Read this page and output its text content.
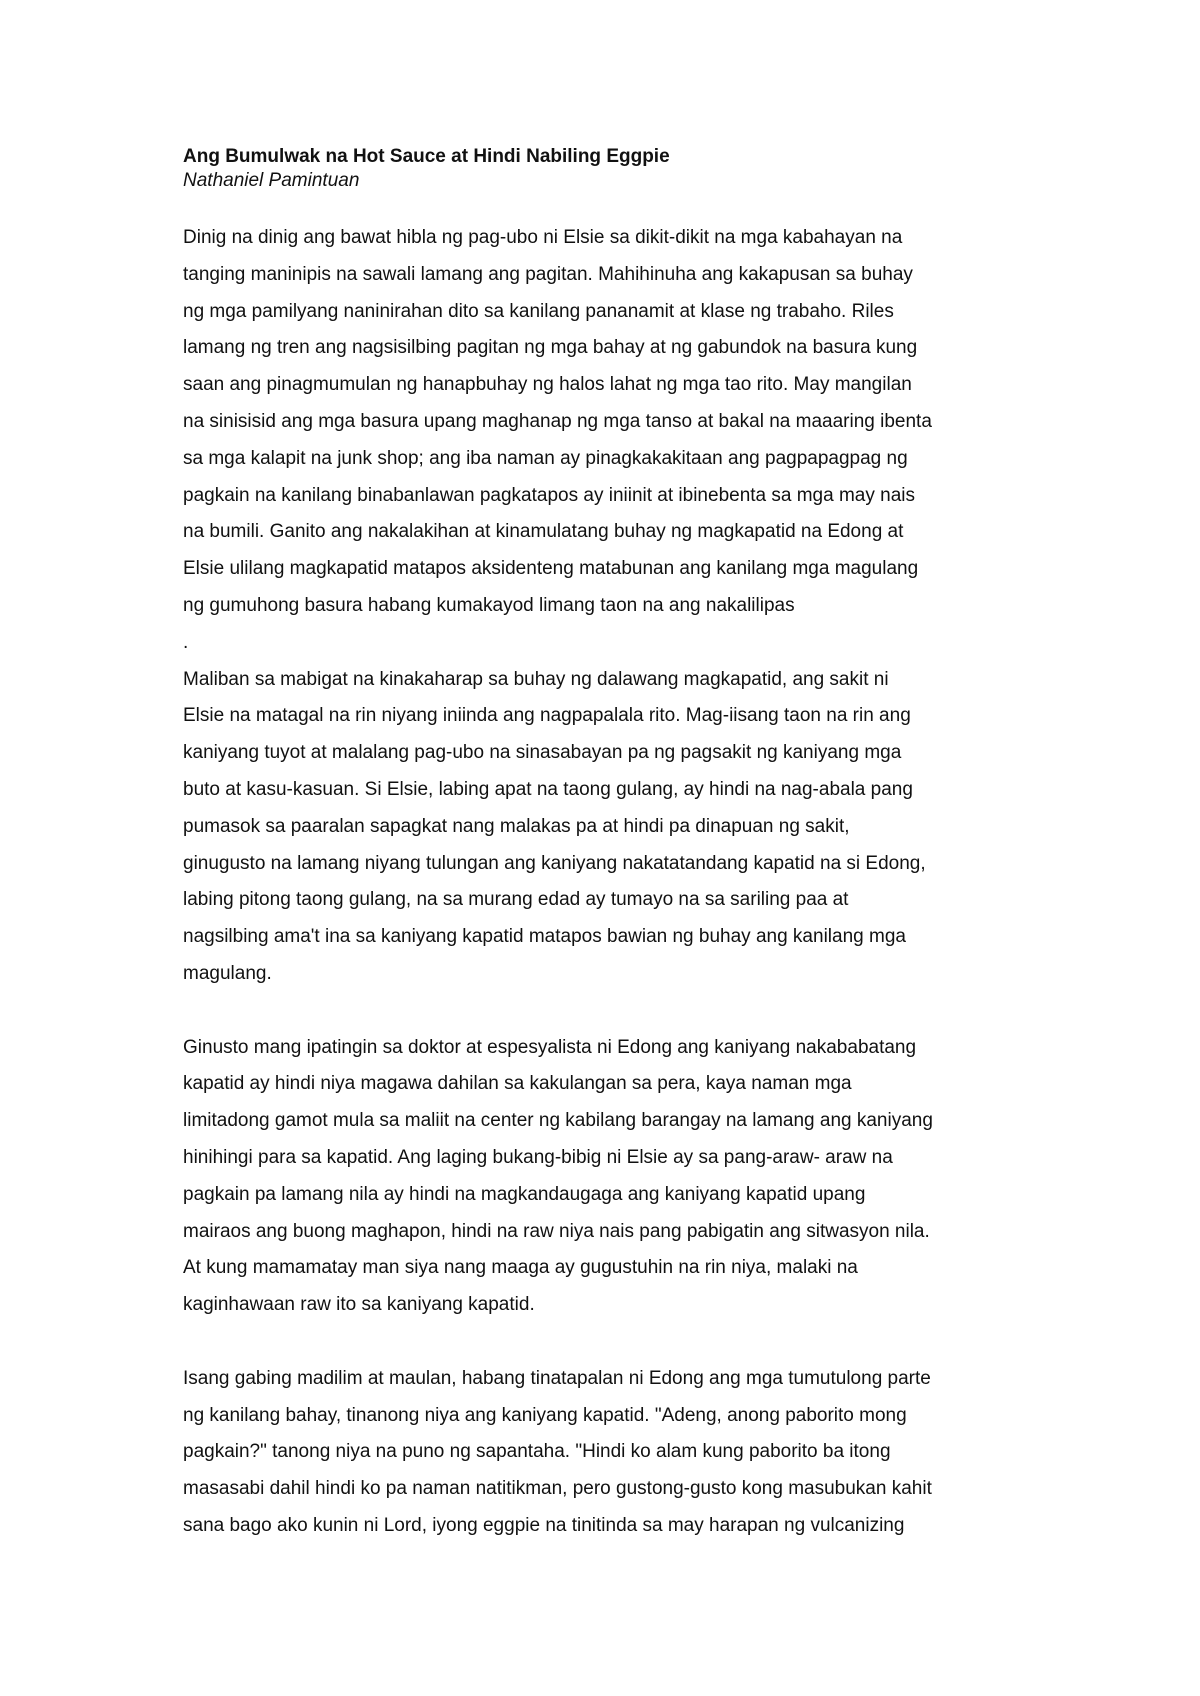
Ang Bumulwak na Hot Sauce at Hindi Nabiling Eggpie
Nathaniel Pamintuan
Dinig na dinig ang bawat hibla ng pag-ubo ni Elsie sa dikit-dikit na mga kabahayan na
tanging maninipis na sawali lamang ang pagitan. Mahihinuha ang kakapusan sa buhay
ng mga pamilyang naninirahan dito sa kanilang pananamit at klase ng trabaho. Riles
lamang ng tren ang nagsisilbing pagitan ng mga bahay at ng gabundok na basura kung
saan ang pinagmumulan ng hanapbuhay ng halos lahat ng mga tao rito. May mangilan
na sinisisid ang mga basura upang maghanap ng mga tanso at bakal na maaaring ibenta
sa mga kalapit na junk shop; ang iba naman ay pinagkakakitaan ang pagpapagpag ng
pagkain na kanilang binabanlawan pagkatapos ay iniinit at ibinebenta sa mga may nais
na bumili. Ganito ang nakalakihan at kinamulatang buhay ng magkapatid na Edong at
Elsie ulilang magkapatid matapos aksidenteng matabunan ang kanilang mga magulang
ng gumuhong basura habang kumakayod limang taon na ang nakalilipas
.
Maliban sa mabigat na kinakaharap sa buhay ng dalawang magkapatid, ang sakit ni
Elsie na matagal na rin niyang iniinda ang nagpapalala rito. Mag-iisang taon na rin ang
kaniyang tuyot at malalang pag-ubo na sinasabayan pa ng pagsakit ng kaniyang mga
buto at kasu-kasuan. Si Elsie, labing apat na taong gulang, ay hindi na nag-abala pang
pumasok sa paaralan sapagkat nang malakas pa at hindi pa dinapuan ng sakit,
ginugusto na lamang niyang tulungan ang kaniyang nakatatandang kapatid na si Edong,
labing pitong taong gulang, na sa murang edad ay tumayo na sa sariling paa at
nagsilbing ama't ina sa kaniyang kapatid matapos bawian ng buhay ang kanilang mga
magulang.
Ginusto mang ipatingin sa doktor at espesyalista ni Edong ang kaniyang nakababatang
kapatid ay hindi niya magawa dahilan sa kakulangan sa pera, kaya naman mga
limitadong gamot mula sa maliit na center ng kabilang barangay na lamang ang kaniyang
hinihingi para sa kapatid. Ang laging bukang-bibig ni Elsie ay sa pang-araw- araw na
pagkain pa lamang nila ay hindi na magkandaugaga ang kaniyang kapatid upang
mairaos ang buong maghapon, hindi na raw niya nais pang pabigatin ang sitwasyon nila.
At kung mamamatay man siya nang maaga ay gugustuhin na rin niya, malaki na
kaginhawaan raw ito sa kaniyang kapatid.
Isang gabing madilim at maulan, habang tinatapalan ni Edong ang mga tumutulong parte
ng kanilang bahay, tinanong niya ang kaniyang kapatid. "Adeng, anong paborito mong
pagkain?" tanong niya na puno ng sapantaha. "Hindi ko alam kung paborito ba itong
masasabi dahil hindi ko pa naman natitikman, pero gustong-gusto kong masubukan kahit
sana bago ako kunin ni Lord, iyong eggpie na tinitinda sa may harapan ng vulcanizing
